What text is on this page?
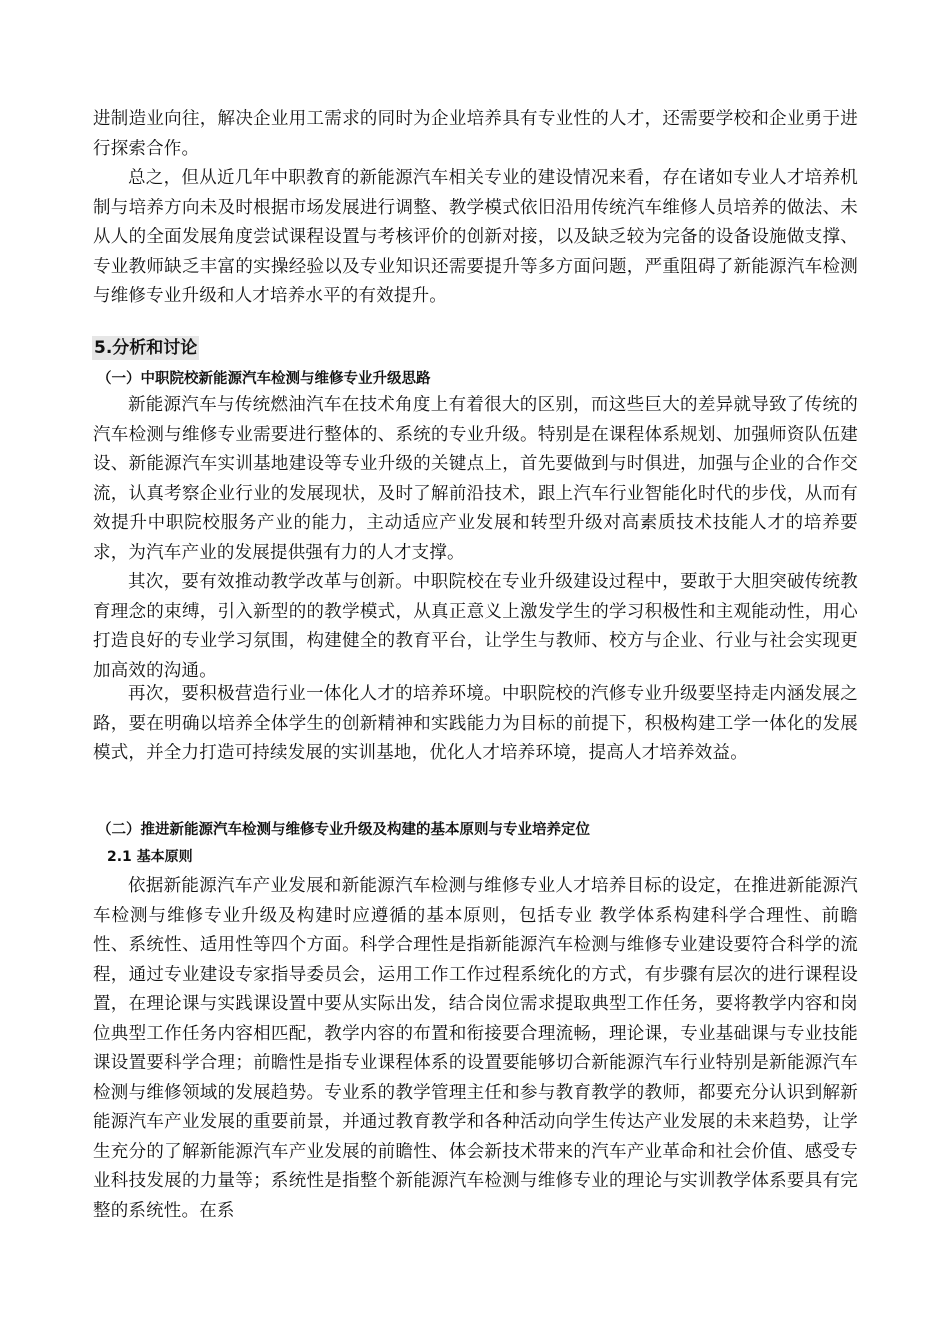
进制造业向往，解决企业用工需求的同时为企业培养具有专业性的人才，还需要学校和企业勇于进行探索合作。

总之，但从近几年中职教育的新能源汽车相关专业的建设情况来看，存在诸如专业人才培养机制与培养方向未及时根据市场发展进行调整、教学模式依旧沿用传统汽车维修人员培养的做法、未从人的全面发展角度尝试课程设置与考核评价的创新对接，以及缺乏较为完备的设备设施做支撑、专业教师缺乏丰富的实操经验以及专业知识还需要提升等多方面问题，严重阻碍了新能源汽车检测与维修专业升级和人才培养水平的有效提升。

5.分析和讨论
（一）中职院校新能源汽车检测与维修专业升级思路

新能源汽车与传统燃油汽车在技术角度上有着很大的区别，而这些巨大的差异就导致了传统的汽车检测与维修专业需要进行整体的、系统的专业升级。特别是在课程体系规划、加强师资队伍建设、新能源汽车实训基地建设等专业升级的关键点上，首先要做到与时俱进，加强与企业的合作交流，认真考察企业行业的发展现状，及时了解前沿技术，跟上汽车行业智能化时代的步伐，从而有效提升中职院校服务产业的能力，主动适应产业发展和转型升级对高素质技术技能人才的培养要求，为汽车产业的发展提供强有力的人才支撑。

其次，要有效推动教学改革与创新。中职院校在专业升级建设过程中，要敢于大胆突破传统教育理念的束缚，引入新型的的教学模式，从真正意义上激发学生的学习积极性和主观能动性，用心打造良好的专业学习氛围，构建健全的教育平台，让学生与教师、校方与企业、行业与社会实现更加高效的沟通。

再次，要积极营造行业一体化人才的培养环境。中职院校的汽修专业升级要坚持走内涵发展之路，要在明确以培养全体学生的创新精神和实践能力为目标的前提下，积极构建工学一体化的发展模式，并全力打造可持续发展的实训基地，优化人才培养环境，提高人才培养效益。

（二）推进新能源汽车检测与维修专业升级及构建的基本原则与专业培养定位
2.1 基本原则

依据新能源汽车产业发展和新能源汽车检测与维修专业人才培养目标的设定，在推进新能源汽车检测与维修专业升级及构建时应遵循的基本原则，包括专业 教学体系构建科学合理性、前瞻性、系统性、适用性等四个方面。科学合理性是指新能源汽车检测与维修专业建设要符合科学的流程，通过专业建设专家指导委员会，运用工作工作过程系统化的方式，有步骤有层次的进行课程设置，在理论课与实践课设置中要从实际出发，结合岗位需求提取典型工作任务，要将教学内容和岗位典型工作任务内容相匹配，教学内容的布置和衔接要合理流畅，理论课，专业基础课与专业技能课设置要科学合理；前瞻性是指专业课程体系的设置要能够切合新能源汽车行业特别是新能源汽车检测与维修领域的发展趋势。专业系的教学管理主任和参与教育教学的教师，都要充分认识到解新能源汽车产业发展的重要前景，并通过教育教学和各种活动向学生传达产业发展的未来趋势，让学生充分的了解新能源汽车产业发展的前瞻性、体会新技术带来的汽车产业革命和社会价值、感受专业科技发展的力量等；系统性是指整个新能源汽车检测与维修专业的理论与实训教学体系要具有完整的系统性。在系
